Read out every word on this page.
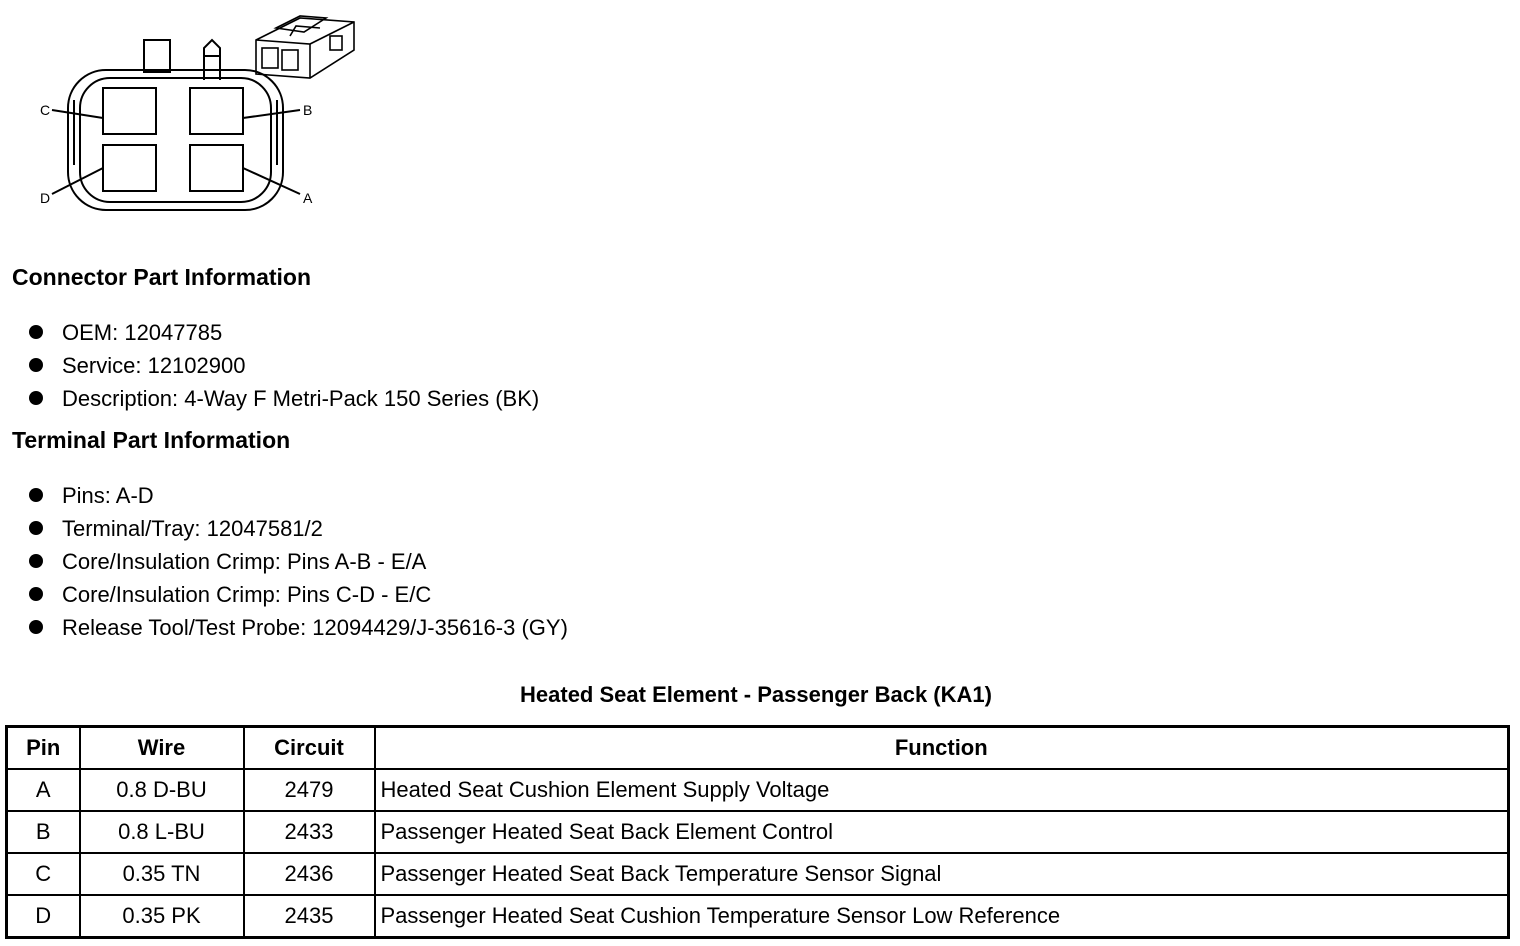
C	B
D	A
Connector Part Information
OEM: 12047785
Service: 12102900
Description: 4-Way F Metri-Pack 150 Series (BK)
Terminal Part Information
Pins: A-D
Terminal/Tray: 12047581/2
Core/Insulation Crimp: Pins A-B - E/A
Core/Insulation Crimp: Pins C-D - E/C
Release Tool/Test Probe: 12094429/J-35616-3 (GY)
Heated Seat Element - Passenger Back (KA1)
Pin	Wire	Circuit	Function
A	0.8 D-BU	2479	Heated Seat Cushion Element Supply Voltage
B	0.8 L-BU	2433	Passenger Heated Seat Back Element Control
C	0.35 TN	2436	Passenger Heated Seat Back Temperature Sensor Signal
D	0.35 PK	2435	Passenger Heated Seat Cushion Temperature Sensor Low Reference
